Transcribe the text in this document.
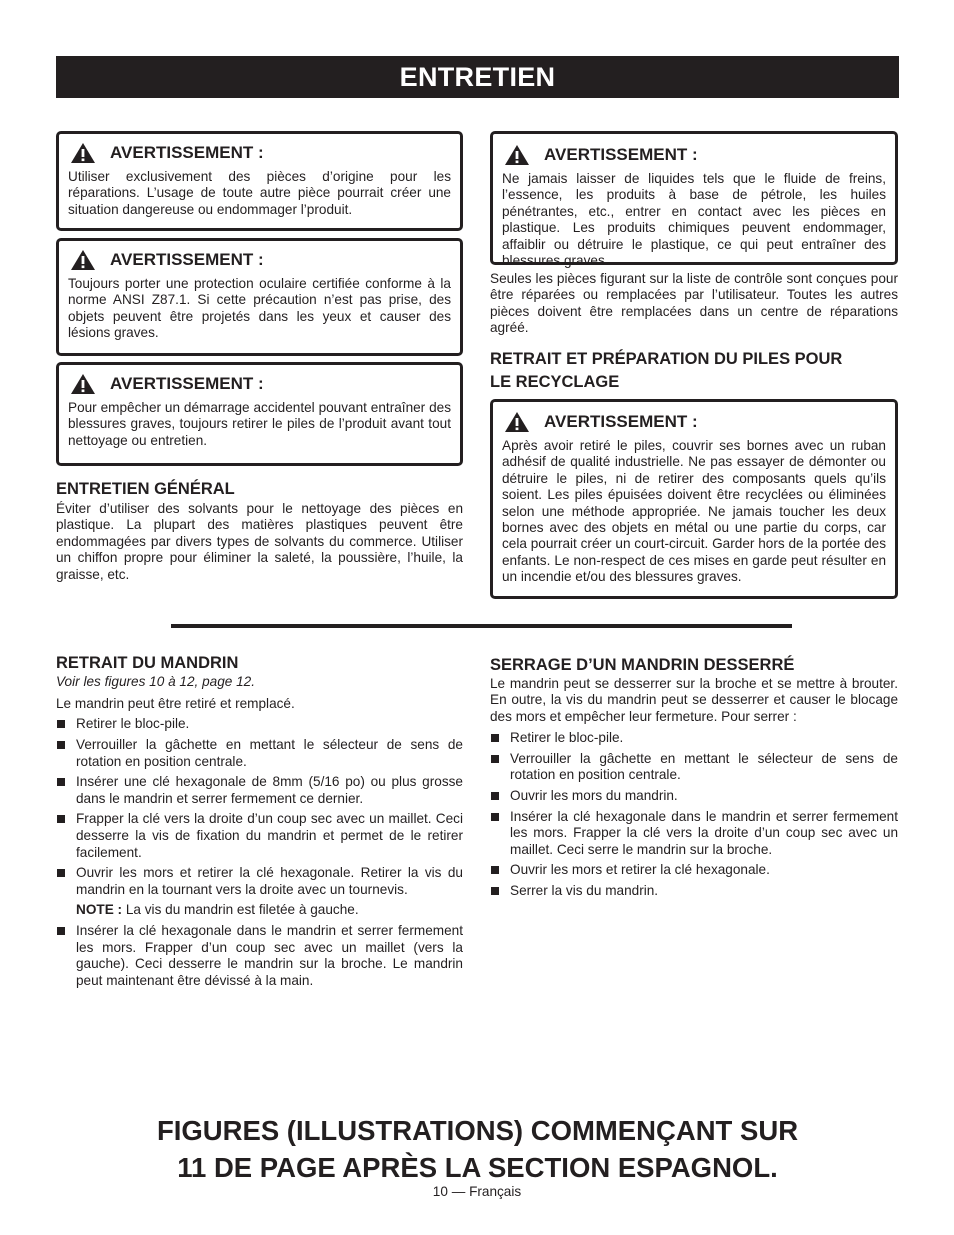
ENTRETIEN
AVERTISSEMENT :

Utiliser exclusivement des pièces d’origine pour les réparations. L’usage de toute autre pièce pourrait créer une situation dangereuse ou endommager l’produit.

AVERTISSEMENT :

Toujours porter une protection oculaire certifiée conforme à la norme ANSI Z87.1. Si cette précaution n’est pas prise, des objets peuvent être projetés dans les yeux et causer des lésions graves.

AVERTISSEMENT :

Pour empêcher un démarrage accidentel pouvant entraîner des blessures graves, toujours retirer le piles de l’produit avant tout nettoyage ou entretien.

ENTRETIEN GÉNÉRAL

Éviter d’utiliser des solvants pour le nettoyage des pièces en plastique. La plupart des matières plastiques peuvent être endommagées par divers types de solvants du commerce. Utiliser un chiffon propre pour éliminer la saleté, la poussière, l’huile, la graisse, etc.

AVERTISSEMENT :

Ne jamais laisser de liquides tels que le fluide de freins, l’essence, les produits à base de pétrole, les huiles pénétrantes, etc., entrer en contact avec les pièces en plastique. Les produits chimiques peuvent endommager, affaiblir ou détruire le plastique, ce qui peut entraîner des blessures graves.

Seules les pièces figurant sur la liste de contrôle sont conçues pour être réparées ou remplacées par l’utilisateur. Toutes les autres pièces doivent être remplacées dans un centre de réparations agréé.

RETRAIT ET PRÉPARATION DU PILES POUR
LE RECYCLAGE
AVERTISSEMENT :

Après avoir retiré le piles, couvrir ses bornes avec un ruban adhésif de qualité industrielle. Ne pas essayer de démonter ou détruire le piles, ni de retirer des composants quels qu’ils soient. Les piles épuisées doivent être recyclées ou éliminées selon une méthode appropriée. Ne jamais toucher les deux bornes avec des objets en métal ou une partie du corps, car cela pourrait créer un court-circuit. Garder hors de la portée des enfants. Le non-respect de ces mises en garde peut résulter en un incendie et/ou des blessures graves.

RETRAIT DU MANDRIN
Voir les figures 10 à 12, page 12.

Le mandrin peut être retiré et remplacé.

Retirer le bloc-pile.
Verrouiller la gâchette en mettant le sélecteur de sens de rotation en position centrale.
Insérer une clé hexagonale de 8mm (5/16 po) ou plus grosse dans le mandrin et serrer fermement ce dernier.
Frapper la clé vers la droite d’un coup sec avec un maillet. Ceci desserre la vis de fixation du mandrin et permet de le retirer facilement.
Ouvrir les mors et retirer la clé hexagonale. Retirer la vis du mandrin en la tournant vers la droite avec un tournevis.
NOTE : La vis du mandrin est filetée à gauche.
Insérer la clé hexagonale dans le mandrin et serrer fermement les mors. Frapper d’un coup sec avec un maillet (vers la gauche). Ceci desserre le mandrin sur la broche. Le mandrin peut maintenant être dévissé à la main.
SERRAGE D’UN MANDRIN DESSERRÉ

Le mandrin peut se desserrer sur la broche et se mettre à brouter. En outre, la vis du mandrin peut se desserrer et causer le blocage des mors et empêcher leur fermeture. Pour serrer :

Retirer le bloc-pile.
Verrouiller la gâchette en mettant le sélecteur de sens de rotation en position centrale.
Ouvrir les mors du mandrin.
Insérer la clé hexagonale dans le mandrin et serrer fermement les mors. Frapper la clé vers la droite d’un coup sec avec un maillet. Ceci serre le mandrin sur la broche.
Ouvrir les mors et retirer la clé hexagonale.
Serrer la vis du mandrin.
FIGURES (ILLUSTRATIONS) COMMENÇANT SUR
11 DE PAGE APRÈS LA SECTION ESPAGNOL.
10 — Français
